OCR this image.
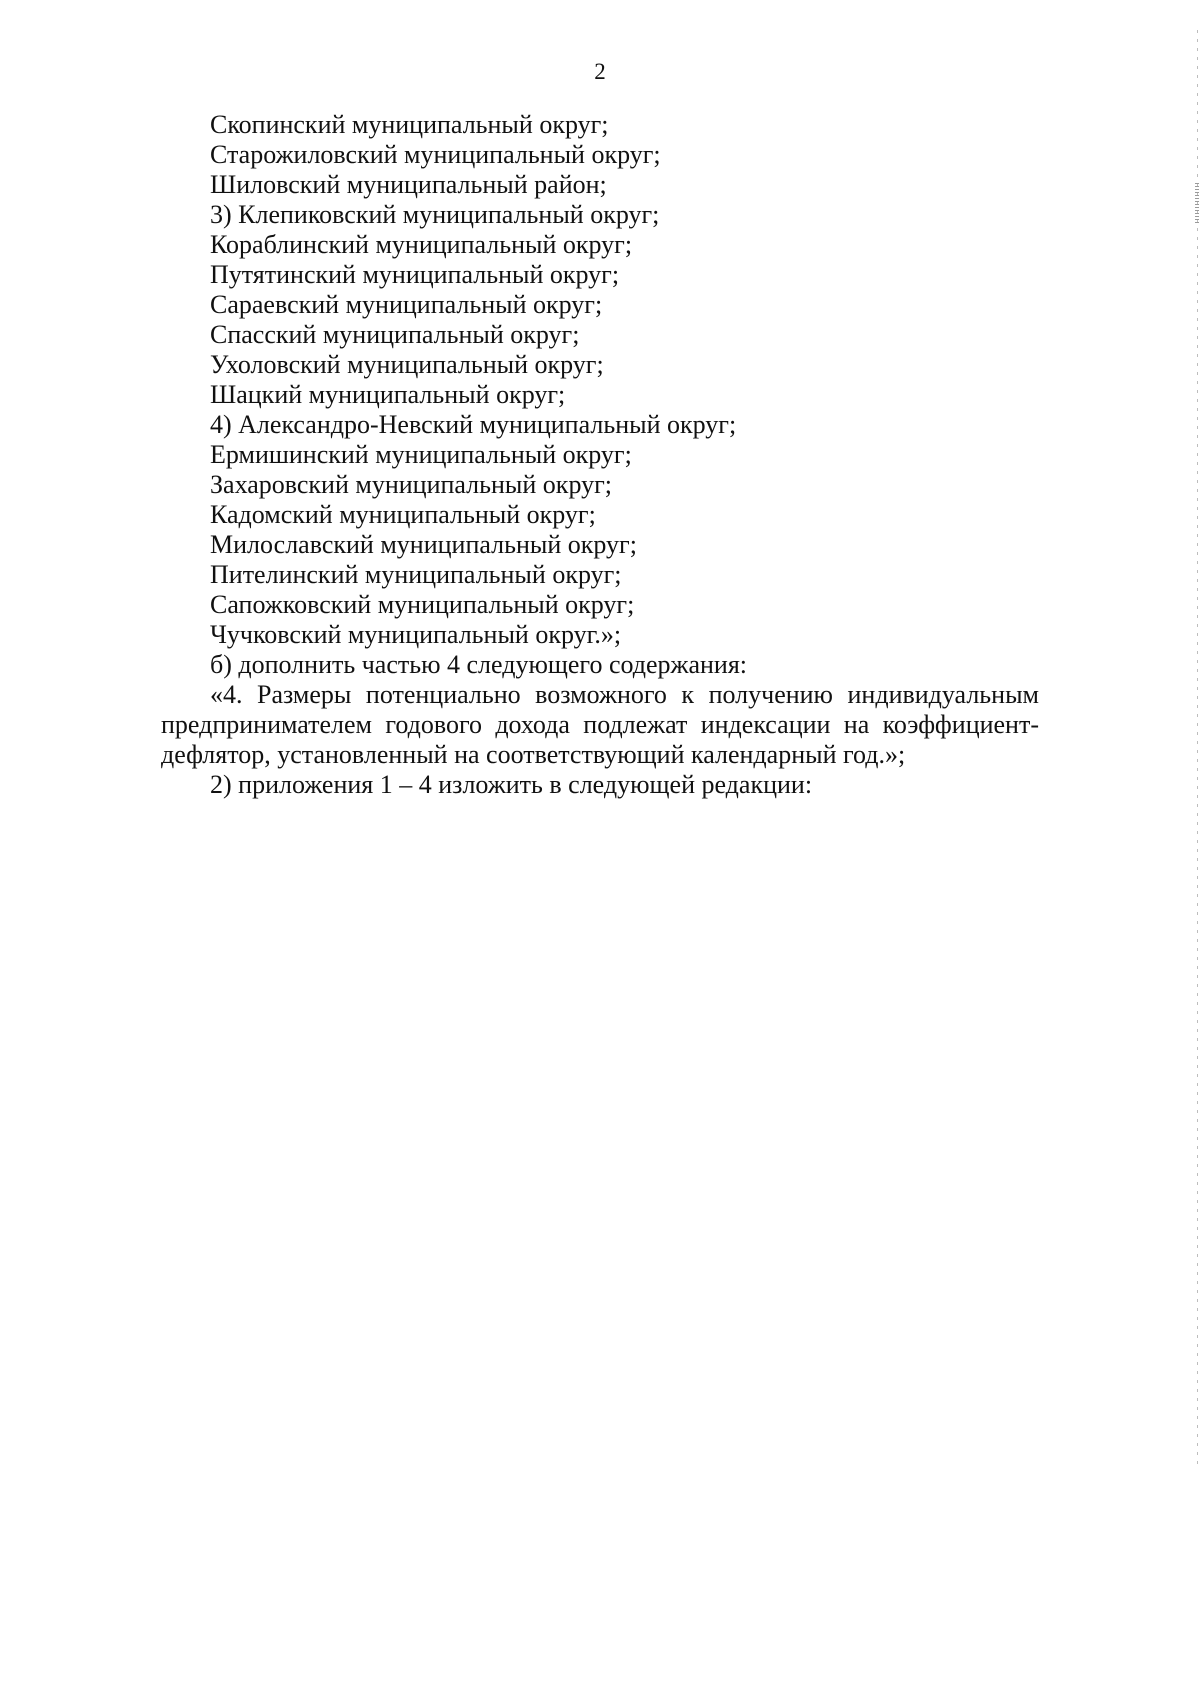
2

Скопинский муниципальный округ;

Старожиловский муниципальный округ;

Шиловский муниципальный район;

3) Клепиковский муниципальный округ;

Кораблинский муниципальный округ;

Путятинский муниципальный округ;

Сараевский муниципальный округ;

Спасский муниципальный округ;

Ухоловский муниципальный округ;

Шацкий муниципальный округ;

4) Александро-Невский муниципальный округ;

Ермишинский муниципальный округ;

Захаровский муниципальный округ;

Кадомский муниципальный округ;

Милославский муниципальный округ;

Пителинский муниципальный округ;

Сапожковский муниципальный округ;

Чучковский муниципальный округ.»;

б) дополнить частью 4 следующего содержания:

«4. Размеры потенциально возможного к получению индивидуальным предпринимателем годового дохода подлежат индексации на коэффициент-дефлятор, установленный на соответствующий календарный год.»;

2) приложения 1 – 4 изложить в следующей редакции:
